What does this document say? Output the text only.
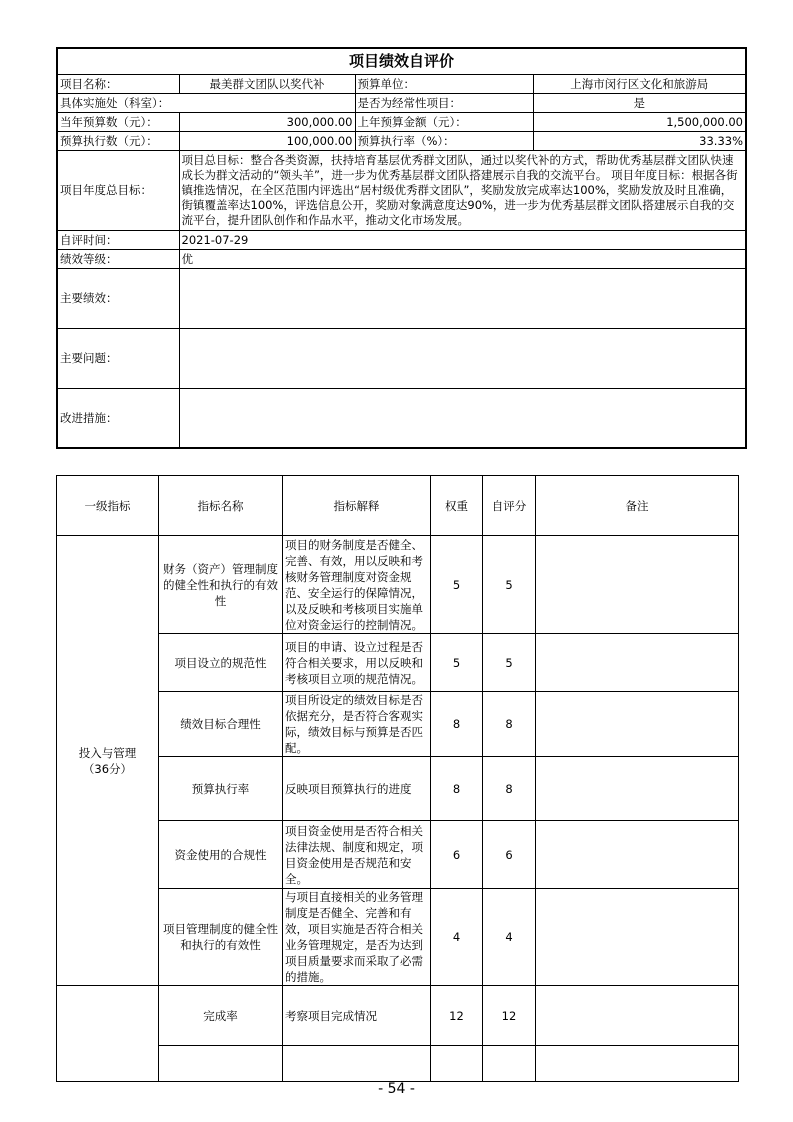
项目绩效自评价			
项目名称：	最美群文团队以奖代补	预算单位：	上海市闵行区文化和旅游局
具体实施处（科室）：		是否为经常性项目：	是
当年预算数（元）：	300,000.00	上年预算金额（元）：	1,500,000.00
预算执行数（元）：	100,000.00	预算执行率（%）：	33.33%
项目年度总目标：	项目总目标：整合各类资源，扶持培育基层优秀群文团队，通过以奖代补的方式，帮助优秀基层群文团队快速成长为群文活动的“领头羊”，进一步为优秀基层群文团队搭建展示自我的交流平台。 项目年度目标：根据各街镇推选情况，在全区范围内评选出“居村级优秀群文团队”，奖励发放完成率达100%，奖励发放及时且准确，街镇覆盖率达100%，评选信息公开，奖励对象满意度达90%，进一步为优秀基层群文团队搭建展示自我的交流平台，提升团队创作和作品水平，推动文化市场发展。		
自评时间：	2021-07-29		
绩效等级：	优		
主要绩效：			
主要问题：			
改进措施：			
一级指标	指标名称	指标解释	权重	自评分	备注
投入与管理
（36分）	财务（资产）管理制度的健全性和执行的有效性	项目的财务制度是否健全、完善、有效，用以反映和考核财务管理制度对资金规范、安全运行的保障情况，以及反映和考核项目实施单位对资金运行的控制情况。	5	5	
	项目设立的规范性	项目的申请、设立过程是否符合相关要求，用以反映和考核项目立项的规范情况。	5	5	
	绩效目标合理性	项目所设定的绩效目标是否依据充分，是否符合客观实际，绩效目标与预算是否匹配。	8	8	
	预算执行率	反映项目预算执行的进度	8	8	
	资金使用的合规性	项目资金使用是否符合相关法律法规、制度和规定，项目资金使用是否规范和安全。	6	6	
	项目管理制度的健全性和执行的有效性	与项目直接相关的业务管理制度是否健全、完善和有效，项目实施是否符合相关业务管理规定，是否为达到项目质量要求而采取了必需的措施。	4	4	
	完成率	考察项目完成情况	12	12	

- 54 -
